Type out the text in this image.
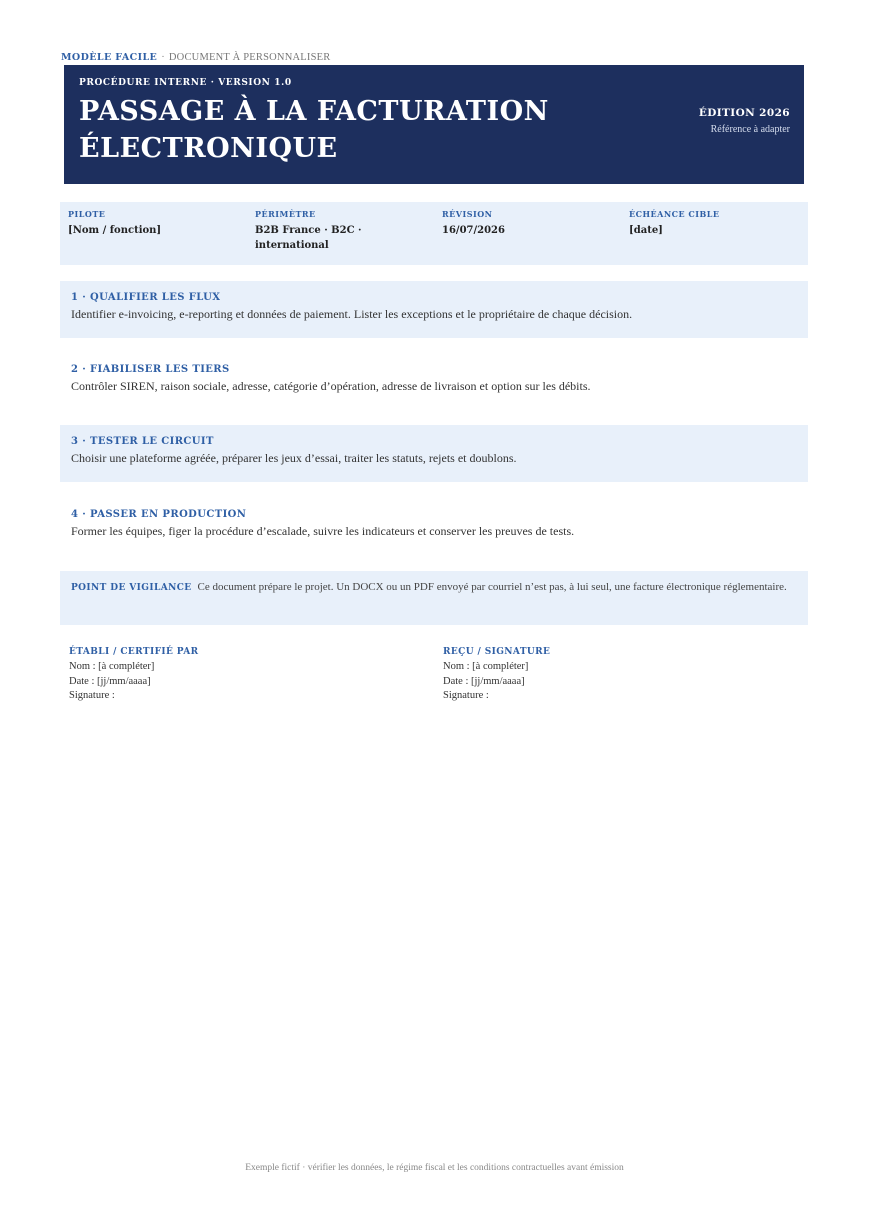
MODÈLE FACILE · DOCUMENT À PERSONNALISER
PROCÉDURE INTERNE · VERSION 1.0
PASSAGE À LA FACTURATION ÉLECTRONIQUE
ÉDITION 2026
Référence à adapter
PILOTE
[Nom / fonction]
PÉRIMÈTRE
B2B France · B2C · international
RÉVISION
16/07/2026
ÉCHÉANCE CIBLE
[date]
1 · QUALIFIER LES FLUX
Identifier e-invoicing, e-reporting et données de paiement. Lister les exceptions et le propriétaire de chaque décision.
2 · FIABILISER LES TIERS
Contrôler SIREN, raison sociale, adresse, catégorie d’opération, adresse de livraison et option sur les débits.
3 · TESTER LE CIRCUIT
Choisir une plateforme agréée, préparer les jeux d’essai, traiter les statuts, rejets et doublons.
4 · PASSER EN PRODUCTION
Former les équipes, figer la procédure d’escalade, suivre les indicateurs et conserver les preuves de tests.
POINT DE VIGILANCE Ce document prépare le projet. Un DOCX ou un PDF envoyé par courriel n’est pas, à lui seul, une facture électronique réglementaire.
ÉTABLI / CERTIFIÉ PAR
Nom : [à compléter]
Date : [jj/mm/aaaa]
Signature :
REÇU / SIGNATURE
Nom : [à compléter]
Date : [jj/mm/aaaa]
Signature :
Exemple fictif · vérifier les données, le régime fiscal et les conditions contractuelles avant émission
